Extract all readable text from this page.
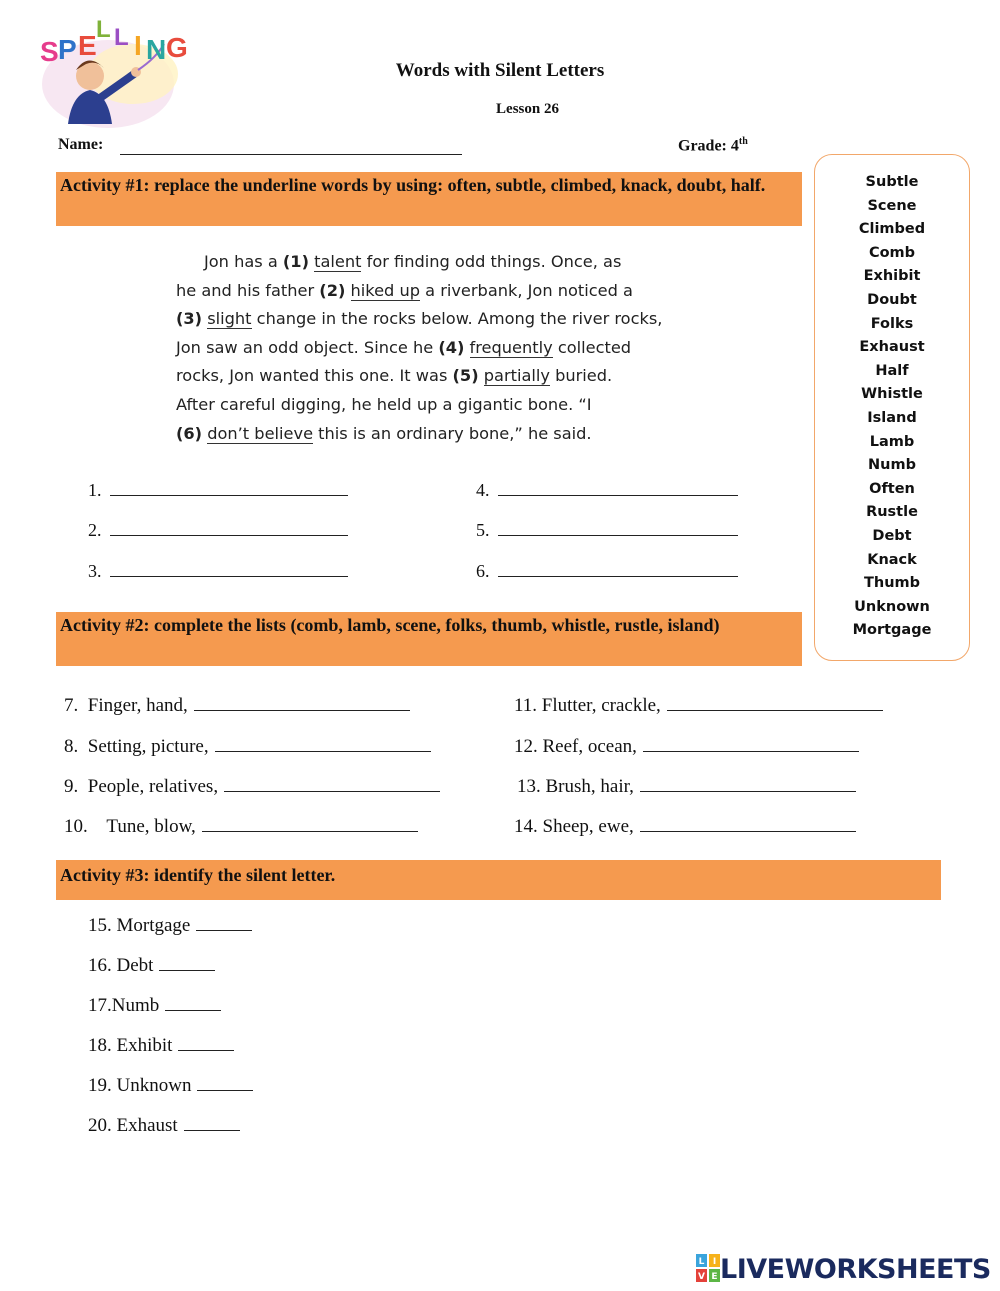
S P E
L L I N G
Words with Silent Letters
Lesson 26
Name:	Grade: 4th
Subtle
Scene
Climbed
Comb
Exhibit
Doubt
Folks
Exhaust
Half
Whistle
Island
Lamb
Numb
Often
Rustle
Debt
Knack
Thumb
Unknown
Mortgage
Activity #1: replace the underline words by using: often, subtle, climbed, knack, doubt, half.
Jon has a (1) talent for finding odd things. Once, as
he and his father (2) hiked up a riverbank, Jon noticed a
(3) slight change in the rocks below. Among the river rocks,
Jon saw an odd object. Since he (4) frequently collected
rocks, Jon wanted this one. It was (5) partially buried.
After careful digging, he held up a gigantic bone. “I
(6) don’t believe this is an ordinary bone,” he said.
1.
2.
3.
4.
5.
6.
Activity #2: complete the lists (comb, lamb, scene, folks, thumb, whistle, rustle, island)
7. Finger, hand,
8. Setting, picture,
9. People, relatives,
10. Tune, blow,
11. Flutter, crackle,
12. Reef, ocean,
13. Brush, hair,
14. Sheep, ewe,
Activity #3: identify the silent letter.
15. Mortgage
16. Debt
17.Numb
18. Exhibit
19. Unknown
20. Exhaust
L I
V E LIVEWORKSHEETS
